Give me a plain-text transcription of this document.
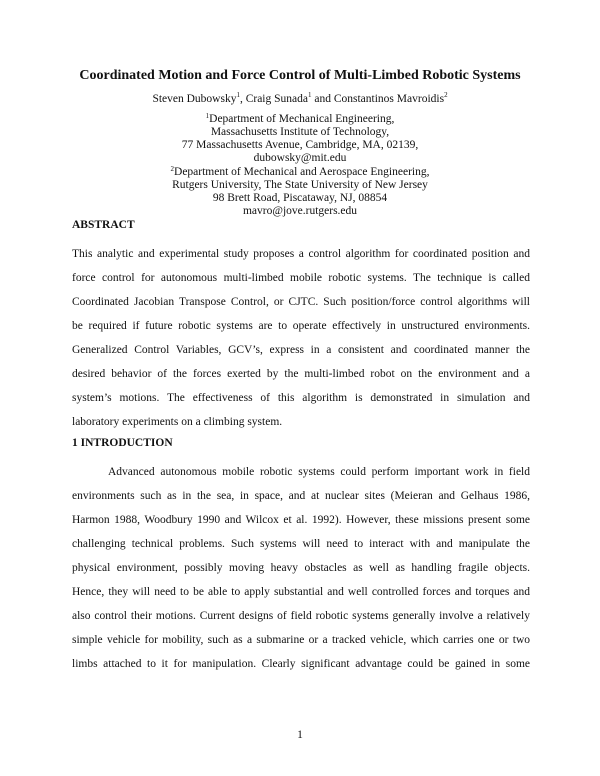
Coordinated Motion and Force Control of Multi-Limbed Robotic Systems
Steven Dubowsky$^1$, Craig Sunada$^1$ and Constantinos Mavroidis$^2$
$^1$Department of Mechanical Engineering,
Massachusetts Institute of Technology,
77 Massachusetts Avenue, Cambridge, MA, 02139,
dubowsky@mit.edu
$^2$Department of Mechanical and Aerospace Engineering,
Rutgers University, The State University of New Jersey
98 Brett Road, Piscataway, NJ, 08854
mavro@jove.rutgers.edu
ABSTRACT
This analytic and experimental study proposes a control algorithm for coordinated position and
force control for autonomous multi-limbed mobile robotic systems. The technique is called
Coordinated Jacobian Transpose Control, or CJTC. Such position/force control algorithms will
be required if future robotic systems are to operate effectively in unstructured environments.
Generalized Control Variables, GCV’s, express in a consistent and coordinated manner the
desired behavior of the forces exerted by the multi-limbed robot on the environment and a
system’s motions. The effectiveness of this algorithm is demonstrated in simulation and
laboratory experiments on a climbing system.
1 INTRODUCTION
Advanced autonomous mobile robotic systems could perform important work in field
environments such as in the sea, in space, and at nuclear sites (Meieran and Gelhaus 1986,
Harmon 1988, Woodbury 1990 and Wilcox et al. 1992). However, these missions present some
challenging technical problems. Such systems will need to interact with and manipulate the
physical environment, possibly moving heavy obstacles as well as handling fragile objects.
Hence, they will need to be able to apply substantial and well controlled forces and torques and
also control their motions. Current designs of field robotic systems generally involve a relatively
simple vehicle for mobility, such as a submarine or a tracked vehicle, which carries one or two
limbs attached to it for manipulation. Clearly significant advantage could be gained in some
1
